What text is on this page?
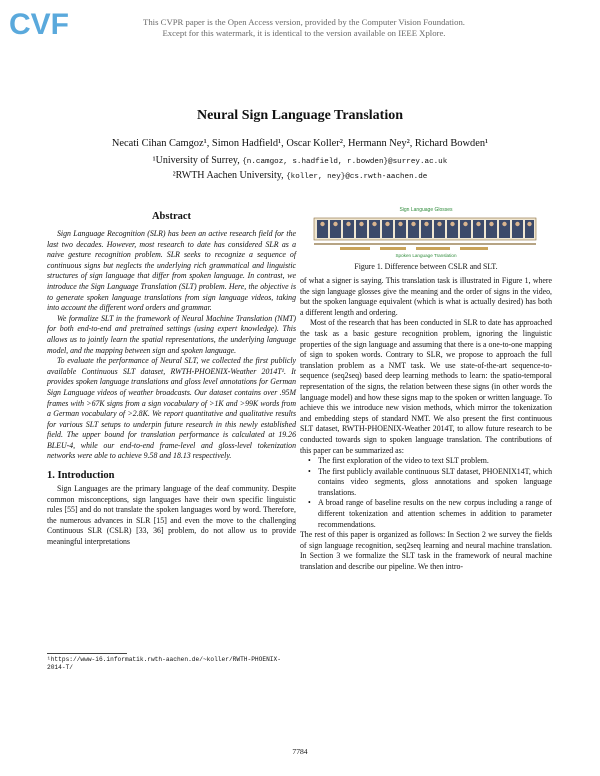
CVF	This CVPR paper is the Open Access version, provided by the Computer Vision Foundation.
Except for this watermark, it is identical to the version available on IEEE Xplore.
Neural Sign Language Translation
Necati Cihan Camgoz¹, Simon Hadfield¹, Oscar Koller², Hermann Ney², Richard Bowden¹
¹University of Surrey, {n.camgoz, s.hadfield, r.bowden}@surrey.ac.uk
²RWTH Aachen University, {koller, ney}@cs.rwth-aachen.de
Abstract

Sign Language Recognition (SLR) has been an active research field for the last two decades. However, most research to date has considered SLR as a naive gesture recognition problem. SLR seeks to recognize a sequence of continuous signs but neglects the underlying rich grammatical and linguistic structures of sign language that differ from spoken language. In contrast, we introduce the Sign Language Translation (SLT) problem. Here, the objective is to generate spoken language translations from sign language videos, taking into account the different word orders and grammar.

We formalize SLT in the framework of Neural Machine Translation (NMT) for both end-to-end and pretrained settings (using expert knowledge). This allows us to jointly learn the spatial representations, the underlying language model, and the mapping between sign and spoken language.

To evaluate the performance of Neural SLT, we collected the first publicly available Continuous SLT dataset, RWTH-PHOENIX-Weather 2014T¹. It provides spoken language translations and gloss level annotations for German Sign Language videos of weather broadcasts. Our dataset contains over .95M frames with >67K signs from a sign vocabulary of >1K and >99K words from a German vocabulary of >2.8K. We report quantitative and qualitative results for various SLT setups to underpin future research in this newly established field. The upper bound for translation performance is calculated at 19.26 BLEU-4, while our end-to-end frame-level and gloss-level tokenization networks were able to achieve 9.58 and 18.13 respectively.

1. Introduction

Sign Languages are the primary language of the deaf community. Despite common misconceptions, sign languages have their own specific linguistic rules [55] and do not translate the spoken languages word by word. Therefore, the numerous advances in SLR [15] and even the move to the challenging Continuous SLR (CSLR) [33, 36] problem, do not allow us to provide meaningful interpretations

¹https://www-i6.informatik.rwth-aachen.de/~koller/RWTH-PHOENIX-2014-T/
Sign Language Glosses
Spoken Language Translation
Figure 1. Difference between CSLR and SLT.

of what a signer is saying. This translation task is illustrated in Figure 1, where the sign language glosses give the meaning and the order of signs in the video, but the spoken language equivalent (which is what is actually desired) has both a different length and ordering.

Most of the research that has been conducted in SLR to date has approached the task as a basic gesture recognition problem, ignoring the linguistic properties of the sign language and assuming that there is a one-to-one mapping of sign to spoken words. Contrary to SLR, we propose to approach the full translation problem as a NMT task. We use state-of-the-art sequence-to-sequence (seq2seq) based deep learning methods to learn: the spatio-temporal representation of the signs, the relation between these signs (in other words the language model) and how these signs map to the spoken or written language. To achieve this we introduce new vision methods, which mirror the tokenization and embedding steps of standard NMT. We also present the first continuous SLT dataset, RWTH-PHOENIX-Weather 2014T, to allow future research to be conducted towards sign to spoken language translation. The contributions of this paper can be summarized as:

• The first exploration of the video to text SLT problem.
• The first publicly available continuous SLT dataset, PHOENIX14T, which contains video segments, gloss annotations and spoken language translations.
• A broad range of baseline results on the new corpus including a range of different tokenization and attention schemes in addition to parameter recommendations.

The rest of this paper is organized as follows: In Section 2 we survey the fields of sign language recognition, seq2seq learning and neural machine translation. In Section 3 we formalize the SLT task in the framework of neural machine translation and describe our pipeline. We then intro-

7784
